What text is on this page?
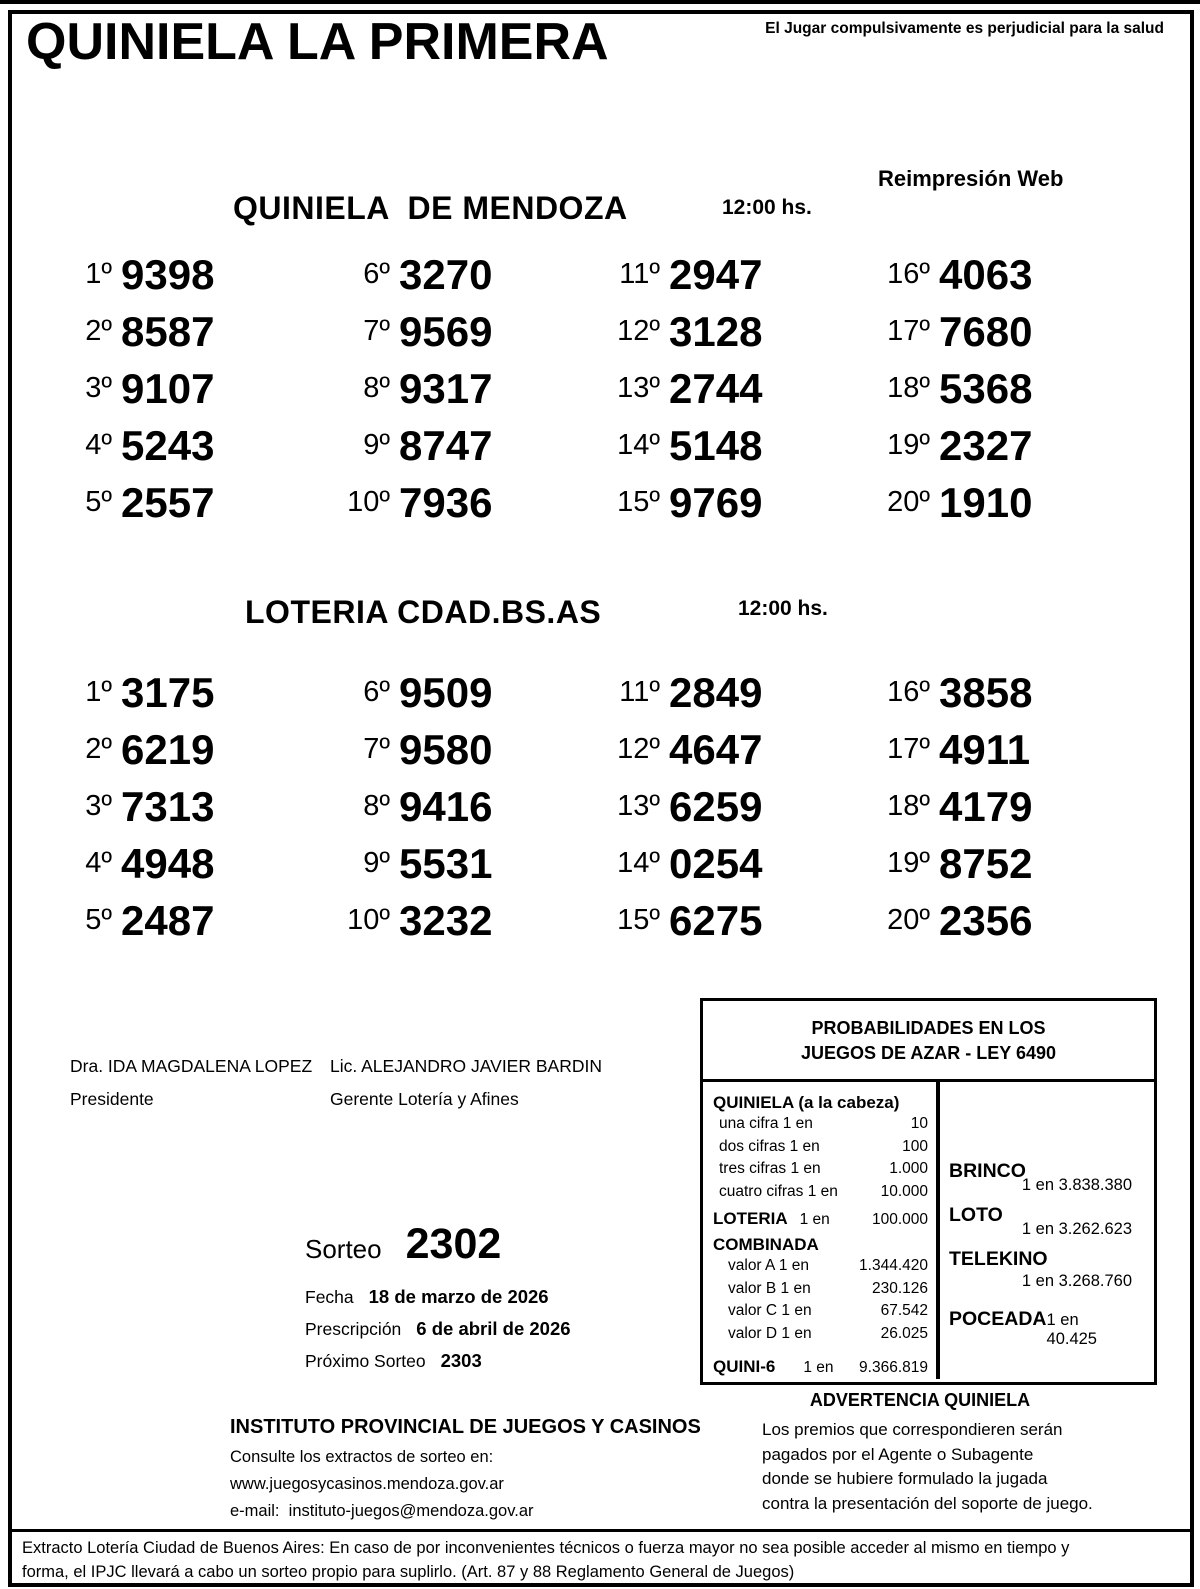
QUINIELA LA PRIMERA	El Jugar compulsivamente es perjudicial para la salud
Reimpresión Web
QUINIELA  DE MENDOZA	12:00 hs.
1º 9398	6º 3270	11º 2947	16º 4063
2º 8587	7º 9569	12º 3128	17º 7680
3º 9107	8º 9317	13º 2744	18º 5368
4º 5243	9º 8747	14º 5148	19º 2327
5º 2557	10º 7936	15º 9769	20º 1910
LOTERIA CDAD.BS.AS	12:00 hs.
1º 3175	6º 9509	11º 2849	16º 3858
2º 6219	7º 9580	12º 4647	17º 4911
3º 7313	8º 9416	13º 6259	18º 4179
4º 4948	9º 5531	14º 0254	19º 8752
5º 2487	10º 3232	15º 6275	20º 2356
Dra. IDA MAGDALENA LOPEZ
Presidente
Lic. ALEJANDRO JAVIER BARDIN
Gerente Lotería y Afines
Sorteo 2302
Fecha 18 de marzo de 2026
Prescripción 6 de abril de 2026
Próximo Sorteo 2303
PROBABILIDADES EN LOS
JUEGOS DE AZAR - LEY 6490
QUINIELA (a la cabeza)
una cifra 1 en	10
dos cifras 1 en	100
tres cifras 1 en	1.000
cuatro cifras 1 en	10.000
LOTERIA 1 en	100.000
COMBINADA
valor A 1 en	1.344.420
valor B 1 en	230.126
valor C 1 en	67.542
valor D 1 en	26.025
QUINI-6 1 en 9.366.819
BRINCO
1 en 3.838.380
LOTO
1 en 3.262.623
TELEKINO
1 en 3.268.760
POCEADA 1 en 40.425
ADVERTENCIA QUINIELA
Los premios que correspondieren serán
pagados por el Agente o Subagente
donde se hubiere formulado la jugada
contra la presentación del soporte de juego.
INSTITUTO PROVINCIAL DE JUEGOS Y CASINOS
Consulte los extractos de sorteo en:
www.juegosycasinos.mendoza.gov.ar
e-mail:  instituto-juegos@mendoza.gov.ar
Extracto Lotería Ciudad de Buenos Aires: En caso de por inconvenientes técnicos o fuerza mayor no sea posible acceder al mismo en tiempo y
forma, el IPJC llevará a cabo un sorteo propio para suplirlo. (Art. 87 y 88 Reglamento General de Juegos)
